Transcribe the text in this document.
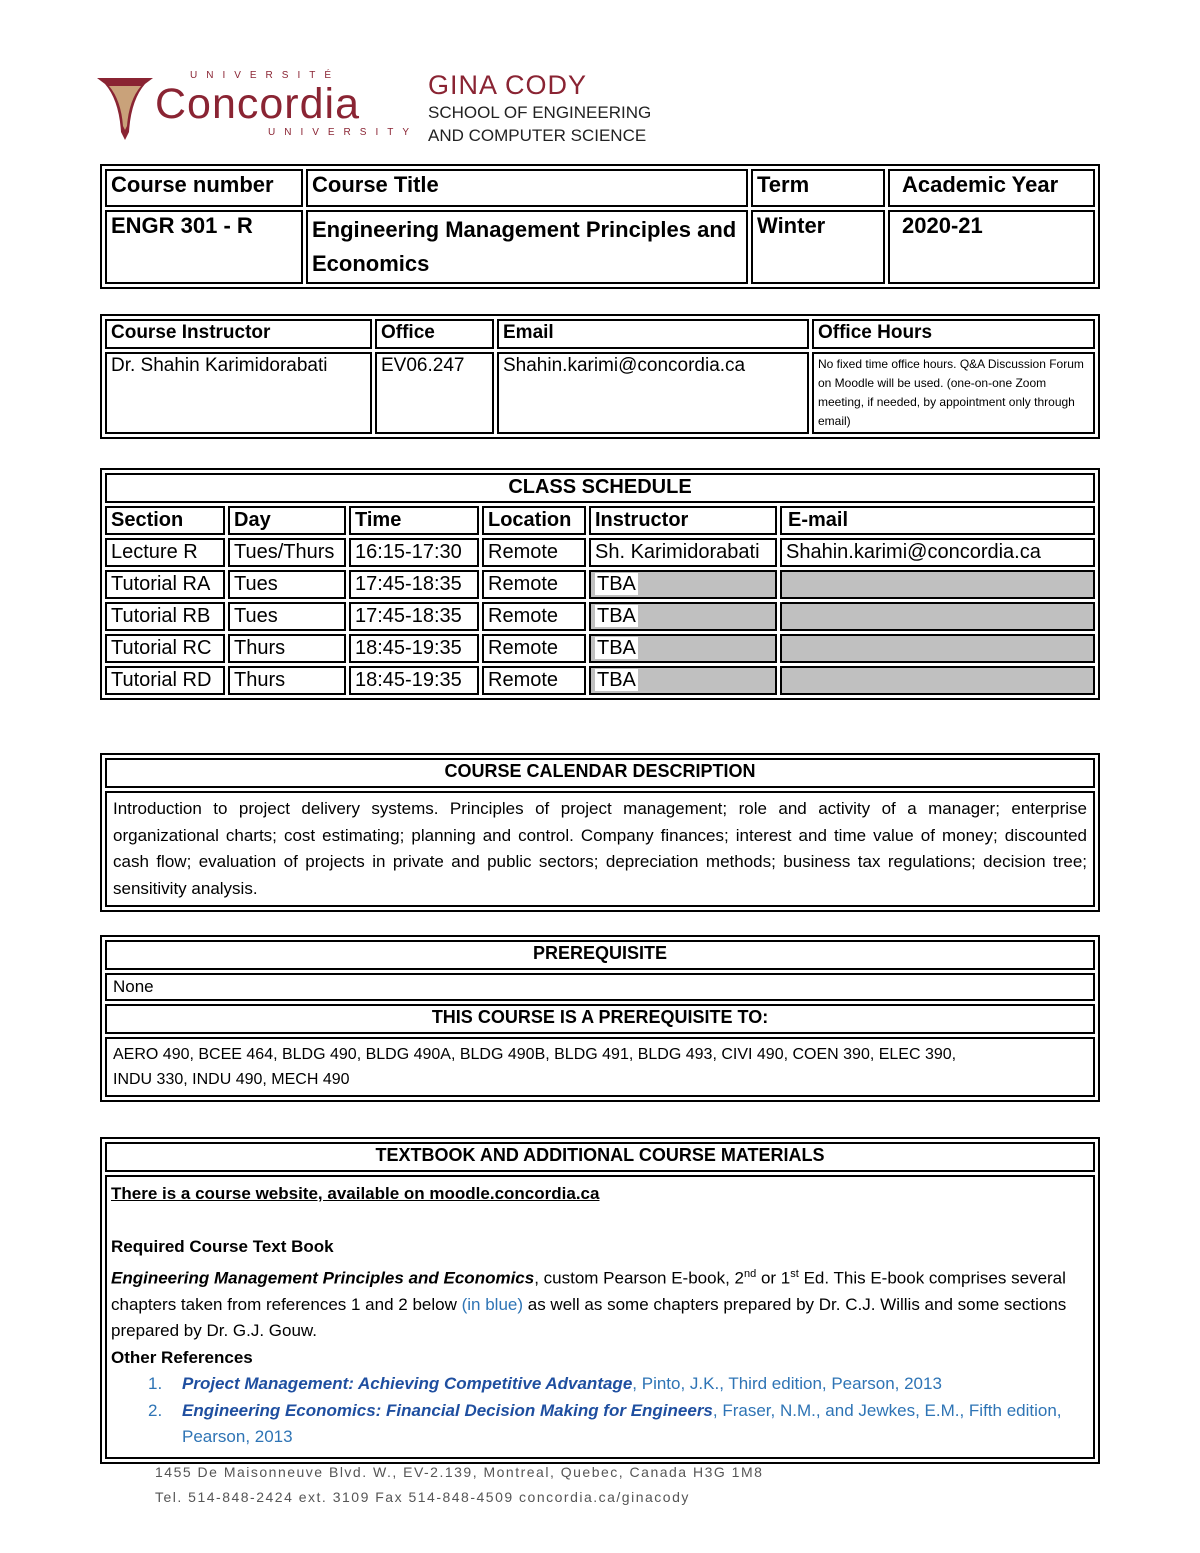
UNIVERSITÉ
Concordia
UNIVERSITY
GINA CODY
SCHOOL OF ENGINEERING
AND COMPUTER SCIENCE
Course number	Course Title	Term	Academic Year
ENGR 301 - R	Engineering Management Principles and Economics	Winter	2020-21
Course Instructor	Office	Email	Office Hours
Dr. Shahin Karimidorabati	EV06.247	Shahin.karimi@concordia.ca	No fixed time office hours. Q&A Discussion Forum on Moodle will be used. (one-on-one Zoom meeting, if needed, by appointment only through email)
CLASS SCHEDULE					
Section	Day	Time	Location	Instructor	E-mail
Lecture R	Tues/Thurs	16:15-17:30	Remote	Sh. Karimidorabati	Shahin.karimi@concordia.ca
Tutorial RA	Tues	17:45-18:35	Remote	TBA	
Tutorial RB	Tues	17:45-18:35	Remote	TBA	
Tutorial RC	Thurs	18:45-19:35	Remote	TBA	
Tutorial RD	Thurs	18:45-19:35	Remote	TBA	
COURSE CALENDAR DESCRIPTION
Introduction to project delivery systems. Principles of project management; role and activity of a manager; enterprise organizational charts; cost estimating; planning and control. Company finances; interest and time value of money; discounted cash flow; evaluation of projects in private and public sectors; depreciation methods; business tax regulations; decision tree; sensitivity analysis.
PREREQUISITE
None
THIS COURSE IS A PREREQUISITE TO:

AERO 490, BCEE 464, BLDG 490, BLDG 490A, BLDG 490B, BLDG 491, BLDG 493, CIVI 490, COEN 390, ELEC 390,
INDU 330, INDU 490, MECH 490
TEXTBOOK AND ADDITIONAL COURSE MATERIALS

There is a course website, available on moodle.concordia.ca

Required Course Text Book

Engineering Management Principles and Economics, custom Pearson E-book, 2nd or 1st Ed. This E-book comprises several chapters taken from references 1 and 2 below (in blue) as well as some chapters prepared by Dr. C.J. Willis and some sections prepared by Dr. G.J. Gouw.

Other References

1.	Project Management: Achieving Competitive Advantage, Pinto, J.K., Third edition, Pearson, 2013
2.	Engineering Economics: Financial Decision Making for Engineers, Fraser, N.M., and Jewkes, E.M., Fifth edition, Pearson, 2013
1455 De Maisonneuve Blvd. W., EV-2.139, Montreal, Quebec, Canada H3G 1M8
Tel. 514-848-2424 ext. 3109 Fax 514-848-4509 concordia.ca/ginacody
